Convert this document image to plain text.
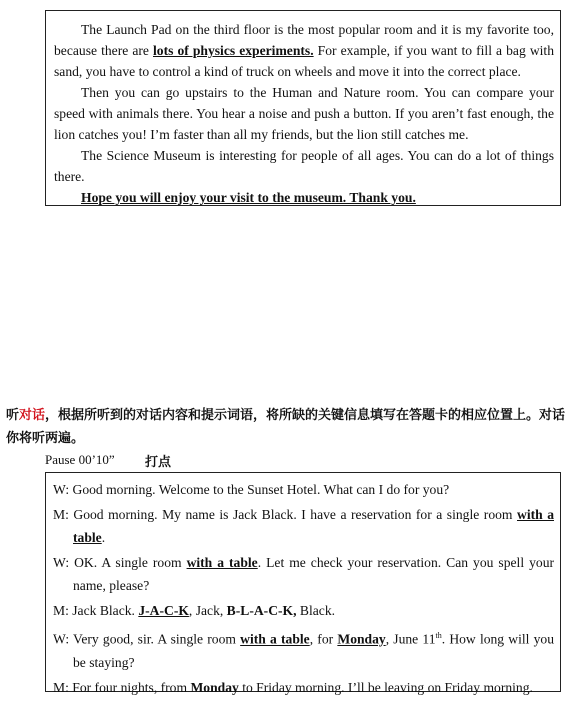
The Launch Pad on the third floor is the most popular room and it is my favorite too, because there are lots of physics experiments. For example, if you want to fill a bag with sand, you have to control a kind of truck on wheels and move it into the correct place.

Then you can go upstairs to the Human and Nature room. You can compare your speed with animals there. You hear a noise and push a button. If you aren’t fast enough, the lion catches you! I’m faster than all my friends, but the lion still catches me.

The Science Museum is interesting for people of all ages. You can do a lot of things there.

Hope you will enjoy your visit to the museum. Thank you.

听对话，根据所听到的对话内容和提示词语，将所缺的关键信息填写在答题卡的相应位置上。对话你将听两遍。
Pause 00’10” 打点

W: Good morning. Welcome to the Sunset Hotel. What can I do for you?

M: Good morning. My name is Jack Black. I have a reservation for a single room with a table.

W: OK. A single room with a table. Let me check your reservation. Can you spell your name, please?

M: Jack Black. J-A-C-K, Jack, B-L-A-C-K, Black.

W: Very good, sir. A single room with a table, for Monday, June 11th. How long will you be staying?

M: For four nights, from Monday to Friday morning. I’ll be leaving on Friday morning.
